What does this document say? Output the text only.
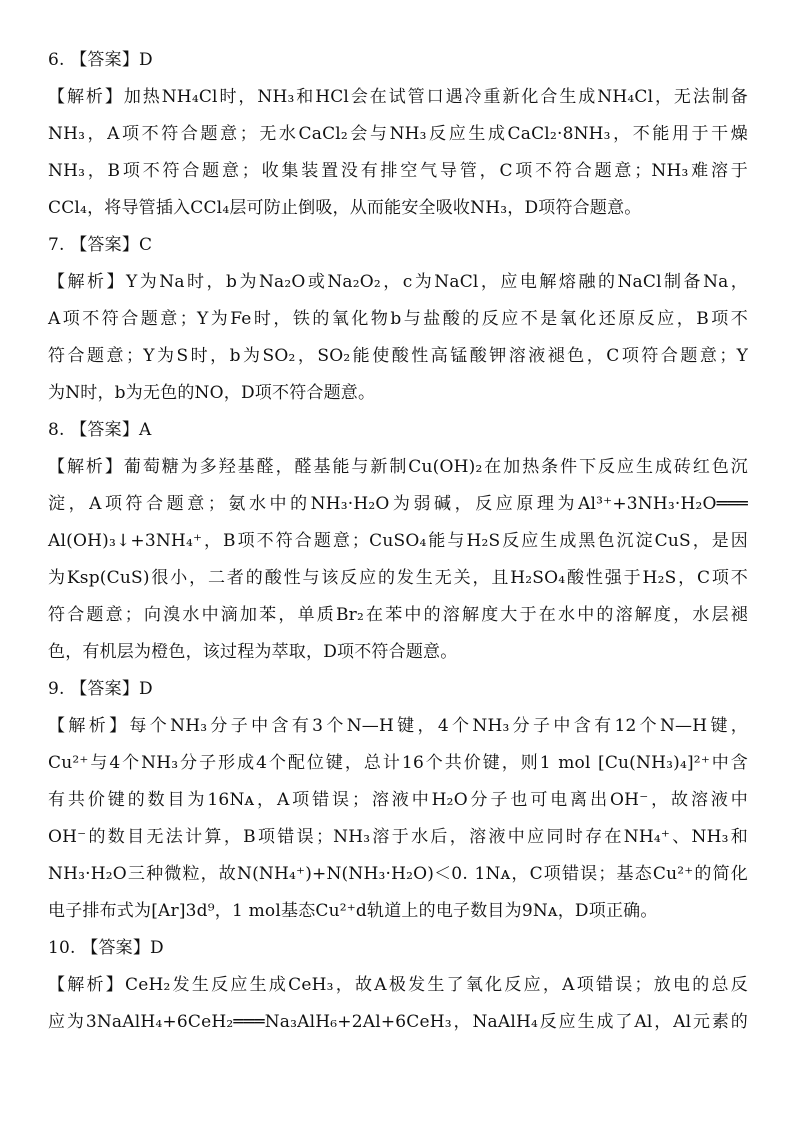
6. 【答案】D
【解析】加热NH₄Cl时，NH₃和HCl会在试管口遇冷重新化合生成NH₄Cl，无法制备
NH₃，A项不符合题意；无水CaCl₂会与NH₃反应生成CaCl₂·8NH₃，不能用于干燥
NH₃，B项不符合题意；收集装置没有排空气导管，C项不符合题意；NH₃难溶于
CCl₄，将导管插入CCl₄层可防止倒吸，从而能安全吸收NH₃，D项符合题意。
7. 【答案】C
【解析】Y为Na时，b为Na₂O或Na₂O₂，c为NaCl，应电解熔融的NaCl制备Na，
A项不符合题意；Y为Fe时，铁的氧化物b与盐酸的反应不是氧化还原反应，B项不
符合题意；Y为S时，b为SO₂，SO₂能使酸性高锰酸钾溶液褪色，C项符合题意；Y
为N时，b为无色的NO，D项不符合题意。
8. 【答案】A
【解析】葡萄糖为多羟基醛，醛基能与新制Cu(OH)₂在加热条件下反应生成砖红色沉
淀，A项符合题意；氨水中的NH₃·H₂O为弱碱，反应原理为Al³⁺+3NH₃·H₂O═══
Al(OH)₃↓+3NH₄⁺，B项不符合题意；CuSO₄能与H₂S反应生成黑色沉淀CuS，是因
为Ksp(CuS)很小，二者的酸性与该反应的发生无关，且H₂SO₄酸性强于H₂S，C项不
符合题意；向溴水中滴加苯，单质Br₂在苯中的溶解度大于在水中的溶解度，水层褪
色，有机层为橙色，该过程为萃取，D项不符合题意。
9. 【答案】D
【解析】每个NH₃分子中含有3个N—H键，4个NH₃分子中含有12个N—H键，
Cu²⁺与4个NH₃分子形成4个配位键，总计16个共价键，则1 mol [Cu(NH₃)₄]²⁺中含
有共价键的数目为16Nᴀ，A项错误；溶液中H₂O分子也可电离出OH⁻，故溶液中
OH⁻的数目无法计算，B项错误；NH₃溶于水后，溶液中应同时存在NH₄⁺、NH₃和
NH₃·H₂O三种微粒，故N(NH₄⁺)+N(NH₃·H₂O)＜0. 1Nᴀ，C项错误；基态Cu²⁺的简化
电子排布式为[Ar]3d⁹，1 mol基态Cu²⁺d轨道上的电子数目为9Nᴀ，D项正确。
10. 【答案】D
【解析】CeH₂发生反应生成CeH₃，故A极发生了氧化反应，A项错误；放电的总反
应为3NaAlH₄+6CeH₂═══Na₃AlH₆+2Al+6CeH₃，NaAlH₄反应生成了Al，Al元素的
